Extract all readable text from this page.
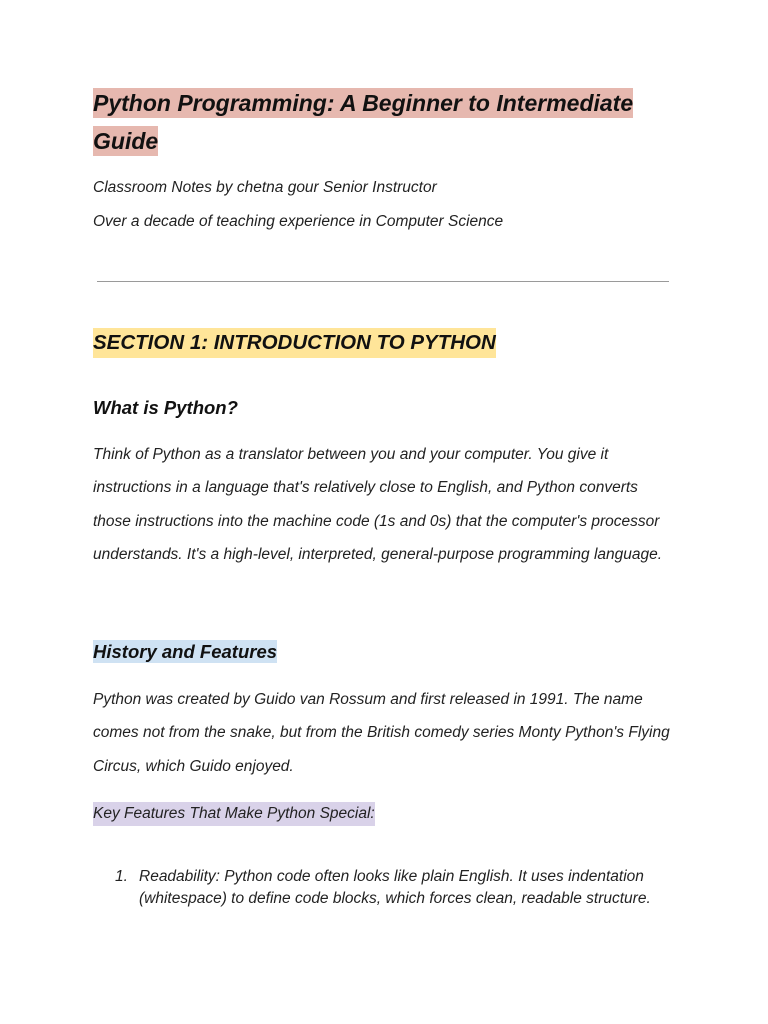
Python Programming: A Beginner to Intermediate Guide

Classroom Notes by chetna gour Senior Instructor

Over a decade of teaching experience in Computer Science

SECTION 1: INTRODUCTION TO PYTHON
What is Python?

Think of Python as a translator between you and your computer. You give it instructions in a language that's relatively close to English, and Python converts those instructions into the machine code (1s and 0s) that the computer's processor understands. It's a high-level, interpreted, general-purpose programming language.

History and Features

Python was created by Guido van Rossum and first released in 1991. The name comes not from the snake, but from the British comedy series Monty Python's Flying Circus, which Guido enjoyed.

Key Features That Make Python Special:

1. Readability: Python code often looks like plain English. It uses indentation (whitespace) to define code blocks, which forces clean, readable structure.
